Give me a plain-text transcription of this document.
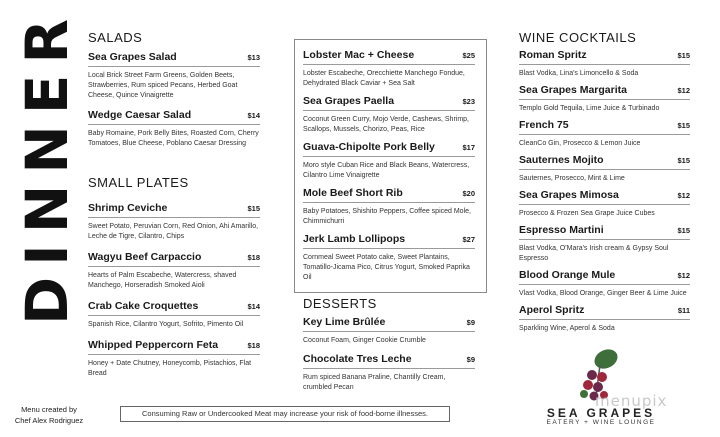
DINNER SALADS
Sea Grapes Salad	$13
Local Brick Street Farm Greens, Golden Beets, Strawberries, Rum spiced Pecans, Herbed Goat Cheese, Quince Vinaigrette
Wedge Caesar Salad	$14
Baby Romaine, Pork Belly Bites, Roasted Corn, Cherry Tomatoes, Blue Cheese, Poblano Caesar Dressing
SMALL PLATES
Shrimp Ceviche	$15
Sweet Potato, Peruvian Corn, Red Onion, Ahi Amarillo, Leche de Tigre, Cilantro, Chips
Wagyu Beef Carpaccio	$18
Hearts of Palm Escabeche, Watercress, shaved Manchego, Horseradish Smoked Aioli
Crab Cake Croquettes	$14
Spanish Rice, Cilantro Yogurt, Sofrito, Pimento Oil
Whipped Peppercorn Feta	$18
Honey + Date Chutney, Honeycomb, Pistachios, Flat Bread
Lobster Mac + Cheese	$25
Lobster Escabeche, Orecchiette Manchego Fondue, Dehydrated Black Caviar + Sea Salt
Sea Grapes Paella	$23
Coconut Green Curry, Mojo Verde, Cashews, Shrimp, Scallops, Mussels, Chorizo, Peas, Rice
Guava-Chipolte Pork Belly	$17
Moro style Cuban Rice and Black Beans, Watercress, Cilantro Lime Vinaigrette
Mole Beef Short Rib	$20
Baby Potatoes, Shishito Peppers, Coffee spiced Mole, Chimmichurri
Jerk Lamb Lollipops	$27
Cornmeal Sweet Potato cake, Sweet Plantains, Tomatillo-Jicama Pico, Citrus Yogurt, Smoked Paprika Oil
DESSERTS
Key Lime Brûlée	$9
Coconut Foam, Ginger Cookie Crumble
Chocolate Tres Leche	$9
Rum spiced Banana Praline, Chantilly Cream, crumbled Pecan
WINE COCKTAILS
Roman Spritz	$15
Blast Vodka, Lina's Limoncello & Soda
Sea Grapes Margarita	$12
Templo Gold Tequila, Lime Juice & Turbinado
French 75	$15
CleanCo Gin, Prosecco & Lemon Juice
Sauternes Mojito	$15
Sauternes, Prosecco, Mint & Lime
Sea Grapes Mimosa	$12
Prosecco & Frozen Sea Grape Juice Cubes
Espresso Martini	$15
Blast Vodka, O'Mara's Irish cream & Gypsy Soul Espresso
Blood Orange Mule	$12
Vlast Vodka, Blood Orange, Ginger Beer & Lime Juice
Aperol Spritz	$11
Sparkling Wine, Aperol & Soda
menupix
SEA GRAPES
EATERY + WINE LOUNGE
Menu created by
Chef Alex Rodriguez
Consuming Raw or Undercooked Meat may increase your risk of food-borne illnesses.
